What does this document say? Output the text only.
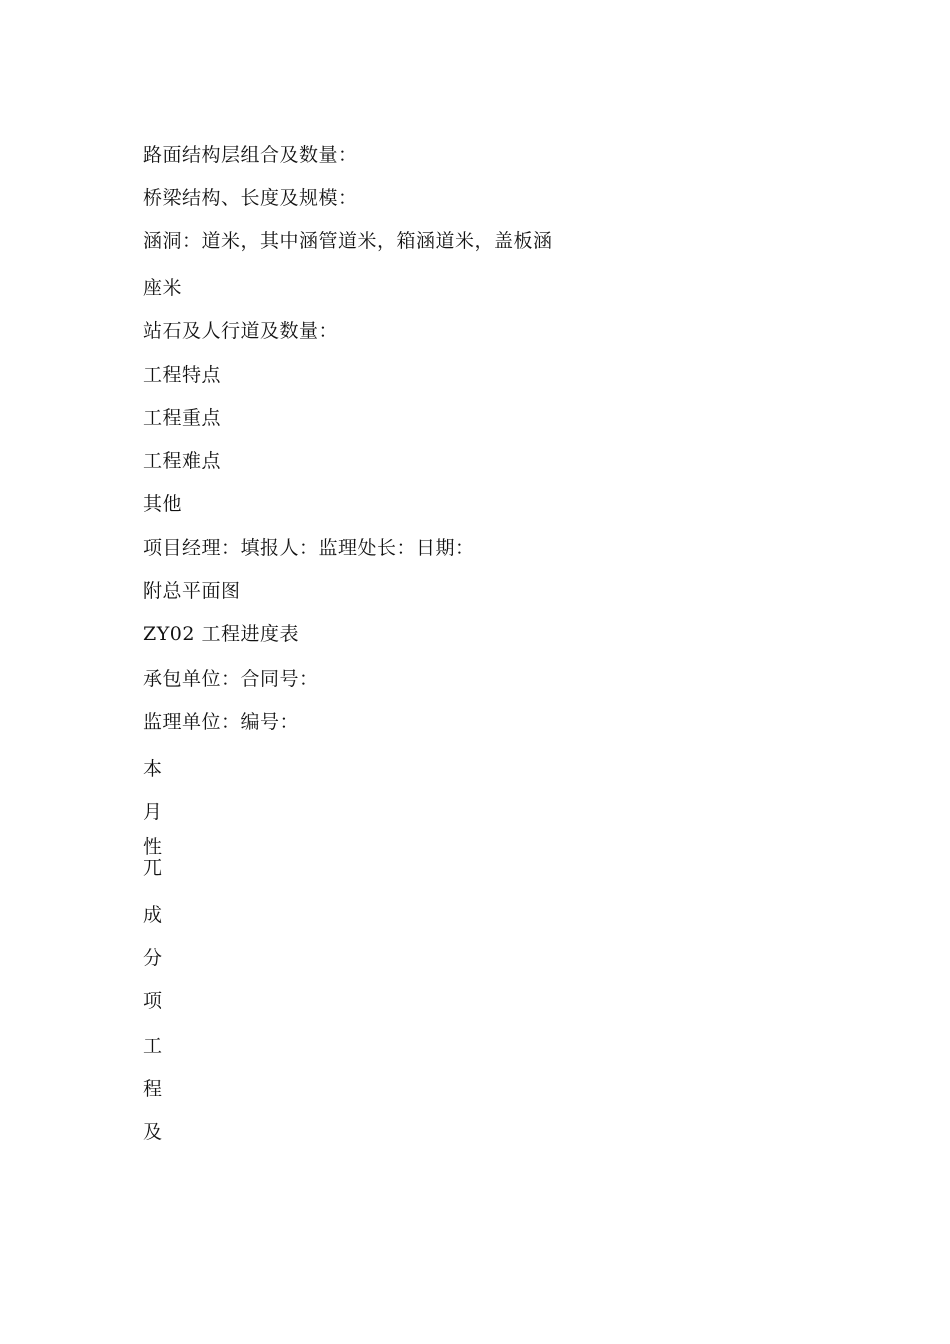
路面结构层组合及数量：
桥梁结构、长度及规模：
涵洞：道米，其中涵管道米，箱涵道米，盖板涵
座米
站石及人行道及数量：
工程特点
工程重点
工程难点
其他
项目经理：填报人：监理处长：日期：
附总平面图
ZY02 工程进度表
承包单位：合同号：
监理单位：编号：
本
月
性
兀
成
分
项
工
程
及
